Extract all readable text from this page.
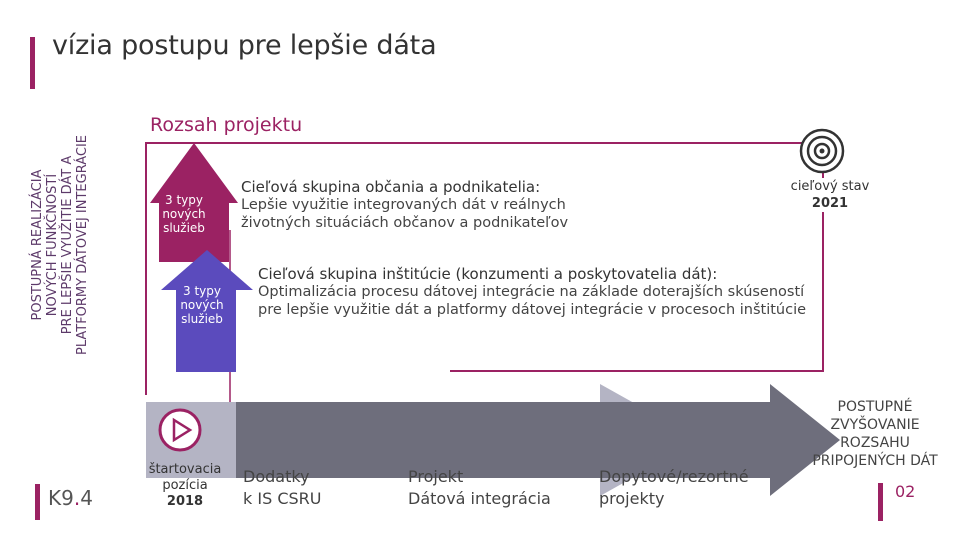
vízia postupu pre lepšie dáta
Rozsah projektu
POSTUPNÁ REALIZÁCIA NOVÝCH FUNKČNOSTÍ PRE LEPŠIE VYUŽITIE DÁT A PLATFORMY DÁTOVEJ INTEGRÁCIE	3 typy
nových
služieb
3 typy
nových
služieb
Cieľová skupina občania a podnikatelia:
Lepšie využitie integrovaných dát v reálnych
životných situáciách občanov a podnikateľov
Cieľová skupina inštitúcie (konzumenti a poskytovatelia dát):
Optimalizácia procesu dátovej integrácie na základe doterajších skúseností
pre lepšie využitie dát a platformy dátovej integrácie v procesoch inštitúcie
cieľový stav
2021
štartovacia
pozícia
2018
Dodatky
k IS CSRU
Projekt
Dátová integrácia
Dopytové/rezortné
projekty
POSTUPNÉ
ZVYŠOVANIE
ROZSAHU
PRIPOJENÝCH DÁT
K9.4	02
